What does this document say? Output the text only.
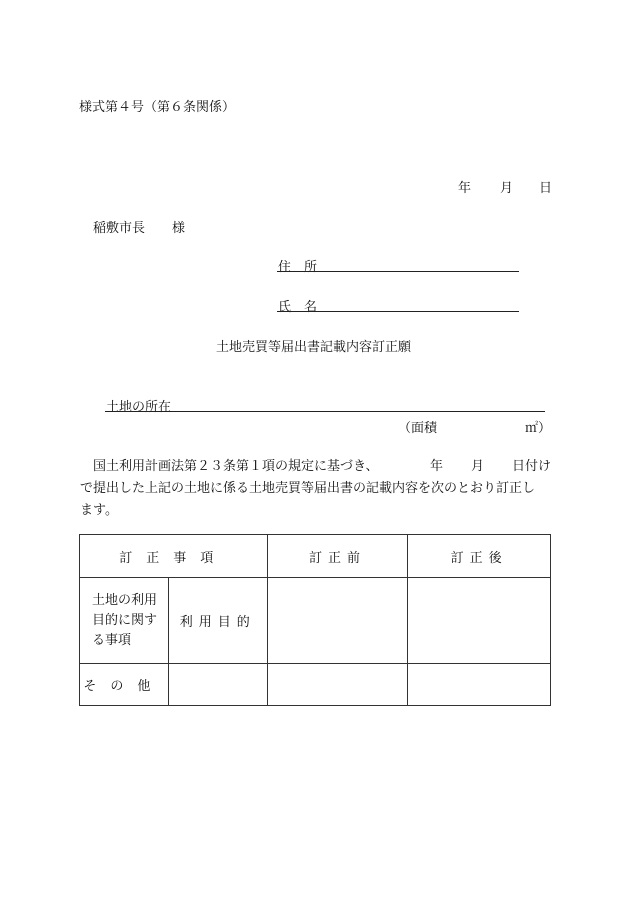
様式第４号（第６条関係）
年 月 日
稲敷市長 様
住　所
氏　名
土地売買等届出書記載内容訂正願
土地の所在
（面積	㎡）
国土利用計画法第２３条第１項の規定に基づき、	年 月 日付け
で提出した上記の土地に係る土地売買等届出書の記載内容を次のとおり訂正し
ます。
訂正事項		訂正前	訂正後
土地の利用目的に関する事項	利用目的		
その他			
